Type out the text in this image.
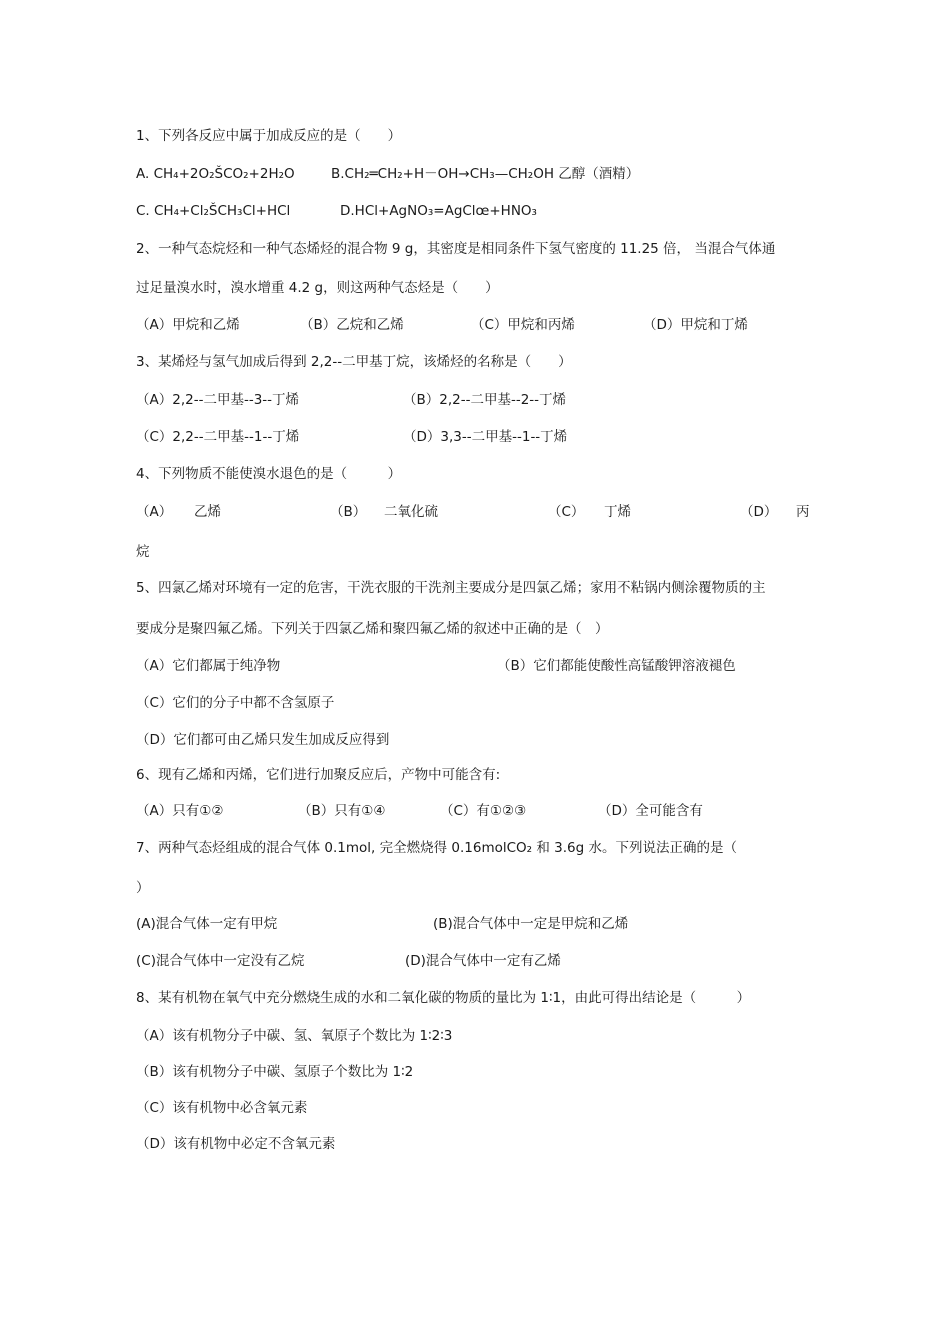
1、下列各反应中属于加成反应的是（　　）
A. CH₄+2O₂ŠCO₂+2H₂O	B.CH₂═CH₂+H－OH→CH₃—CH₂OH 乙醇（酒精）
C. CH₄+Cl₂ŠCH₃Cl+HCl	D.HCl+AgNO₃=AgClœ+HNO₃
2、一种气态烷烃和一种气态烯烃的混合物 9 g，其密度是相同条件下氢气密度的 11.25 倍， 当混合气体通
过足量溴水时，溴水增重 4.2 g，则这两种气态烃是（　　）
（A）甲烷和乙烯	（B）乙烷和乙烯	（C）甲烷和丙烯	（D）甲烷和丁烯
3、某烯烃与氢气加成后得到 2,2--二甲基丁烷，该烯烃的名称是（　　）
（A）2,2--二甲基--3--丁烯	（B）2,2--二甲基--2--丁烯
（C）2,2--二甲基--1--丁烯	（D）3,3--二甲基--1--丁烯
4、下列物质不能使溴水退色的是（　　　）
（A） 乙烯	（B） 二氧化硫	（C） 丁烯	（D） 丙
烷
5、四氯乙烯对环境有一定的危害，干洗衣服的干洗剂主要成分是四氯乙烯；家用不粘锅内侧涂覆物质的主
要成分是聚四氟乙烯。下列关于四氯乙烯和聚四氟乙烯的叙述中正确的是（　）
（A）它们都属于纯净物	（B）它们都能使酸性高锰酸钾溶液褪色
（C）它们的分子中都不含氢原子
（D）它们都可由乙烯只发生加成反应得到
6、现有乙烯和丙烯，它们进行加聚反应后，产物中可能含有:
（A）只有①②	（B）只有①④	（C）有①②③	（D）全可能含有
7、两种气态烃组成的混合气体 0.1mol, 完全燃烧得 0.16molCO₂ 和 3.6g 水。下列说法正确的是（
）
(A)混合气体一定有甲烷	(B)混合气体中一定是甲烷和乙烯
(C)混合气体中一定没有乙烷	(D)混合气体中一定有乙烯
8、某有机物在氧气中充分燃烧生成的水和二氧化碳的物质的量比为 1∶1，由此可得出结论是（　　　）
（A）该有机物分子中碳、氢、氧原子个数比为 1∶2∶3
（B）该有机物分子中碳、氢原子个数比为 1∶2
（C）该有机物中必含氧元素
（D）该有机物中必定不含氧元素
